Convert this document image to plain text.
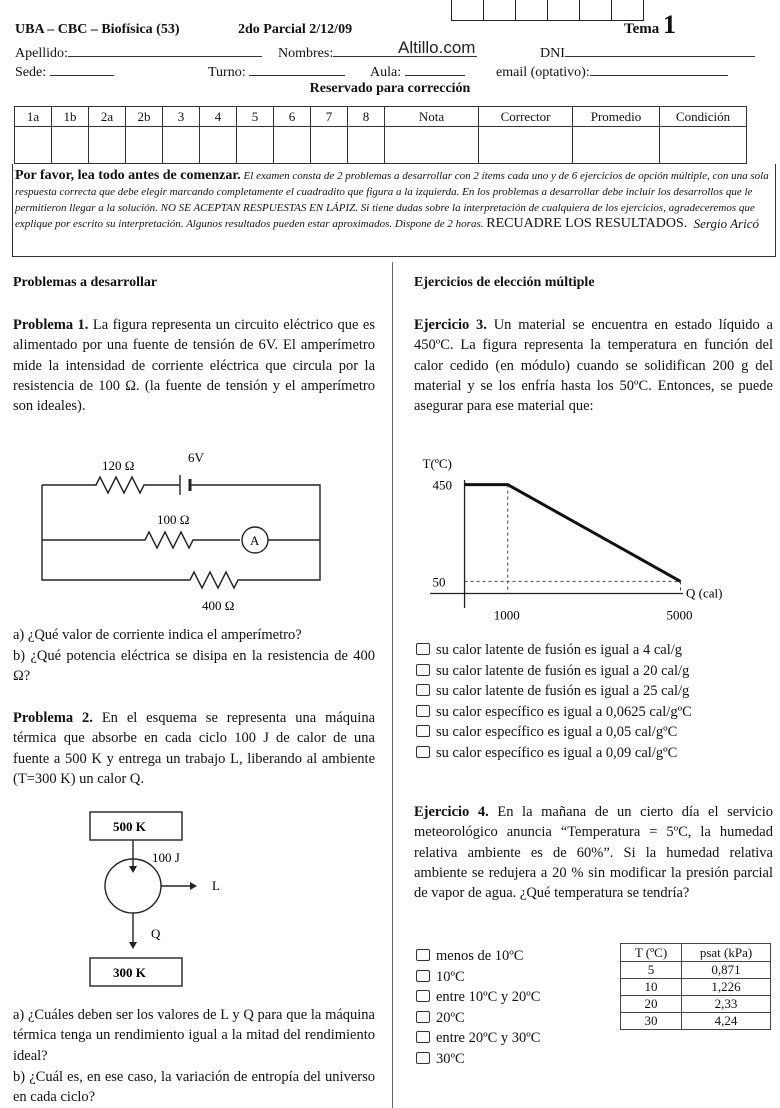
UBA – CBC – Biofísica (53)	2do Parcial 2/12/09	Tema 1
Apellido:	Nombres:	Altillo.com	DNI
Sede:	Turno:	Aula:	email (optativo):
Reservado para corrección
1a	1b	2a	2b	3	4	5	6	7	8	Nota	Corrector	Promedio	Condición

Por favor, lea todo antes de comenzar. El examen consta de 2 problemas a desarrollar con 2 ítems cada uno y de 6 ejercicios de opción múltiple, con una sola respuesta correcta que debe elegir marcando completamente el cuadradito que figura a la izquierda. En los problemas a desarrollar debe incluir los desarrollos que le permitieron llegar a la solución. NO SE ACEPTAN RESPUESTAS EN LÁPIZ. Si tiene dudas sobre la interpretación de cualquiera de los ejercicios, agradeceremos que explique por escrito su interpretación. Algunos resultados pueden estar aproximados. Dispone de 2 horas. RECUADRE LOS RESULTADOS. Sergio Aricó
Problemas a desarrollar
Problema 1. La figura representa un circuito eléctrico que es alimentado por una fuente de tensión de 6V. El amperímetro mide la intensidad de corriente eléctrica que circula por la resistencia de 100 Ω. (la fuente de tensión y el amperímetro son ideales).
120 Ω
6V
100 Ω
A
400 Ω
a) ¿Qué valor de corriente indica el amperímetro?
b) ¿Qué potencia eléctrica se disipa en la resistencia de 400 Ω?
Problema 2. En el esquema se representa una máquina térmica que absorbe en cada ciclo 100 J de calor de una fuente a 500 K y entrega un trabajo L, liberando al ambiente (T=300 K) un calor Q.
500 K
100 J
L
Q
300 K
a) ¿Cuáles deben ser los valores de L y Q para que la máquina térmica tenga un rendimiento igual a la mitad del rendimiento ideal?
b) ¿Cuál es, en ese caso, la variación de entropía del universo en cada ciclo?
Ejercicios de elección múltiple
Ejercicio 3. Un material se encuentra en estado líquido a 450ºC. La figura representa la temperatura en función del calor cedido (en módulo) cuando se solidifican 200 g del material y se los enfría hasta los 50ºC. Entonces, se puede asegurar para ese material que:
T(ºC)
Q (cal)
450
50
1000	5000
su calor latente de fusión es igual a 4 cal/g
su calor latente de fusión es igual a 20 cal/g
su calor latente de fusión es igual a 25 cal/g
su calor específico es igual a 0,0625 cal/gºC
su calor específico es igual a 0,05 cal/gºC
su calor específico es igual a 0,09 cal/gºC
Ejercicio 4. En la mañana de un cierto día el servicio meteorológico anuncia “Temperatura = 5ºC, la humedad relativa ambiente es de 60%”. Si la humedad relativa ambiente se redujera a 20 % sin modificar la presión parcial de vapor de agua. ¿Qué temperatura se tendría?
menos de 10ºC
10ºC
entre 10ºC y 20ºC
20ºC
entre 20ºC y 30ºC
30ºC
T (ºC)	psat (kPa)
5	0,871
10	1,226
20	2,33
30	4,24
